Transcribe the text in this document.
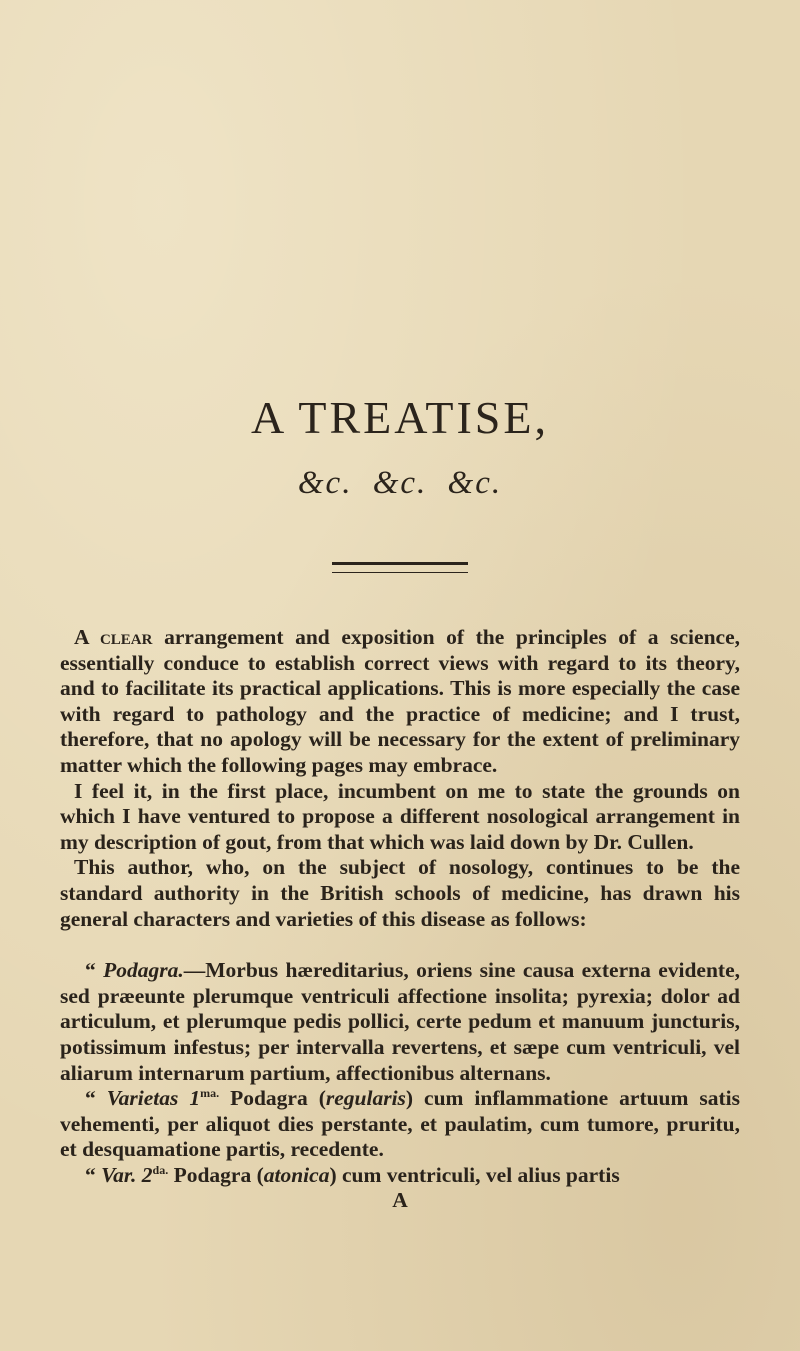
A TREATISE,
&c. &c. &c.

A clear arrangement and exposition of the principles of a science, essentially conduce to establish correct views with regard to its theory, and to facilitate its practical applications. This is more especially the case with regard to pathology and the practice of medicine; and I trust, therefore, that no apology will be necessary for the extent of preliminary matter which the following pages may embrace.

I feel it, in the first place, incumbent on me to state the grounds on which I have ventured to propose a different nosological arrangement in my description of gout, from that which was laid down by Dr. Cullen.

This author, who, on the subject of nosology, continues to be the standard authority in the British schools of medicine, has drawn his general characters and varieties of this disease as follows:

“ Podagra.—Morbus hæreditarius, oriens sine causa externa evidente, sed præeunte plerumque ventriculi affectione insolita; pyrexia; dolor ad articulum, et plerumque pedis pollici, certe pedum et manuum juncturis, potissimum infestus; per intervalla revertens, et sæpe cum ventriculi, vel aliarum internarum partium, affectionibus alternans.

“ Varietas $1^{ma.}$ Podagra (regularis) cum inflammatione artuum satis vehementi, per aliquot dies perstante, et paulatim, cum tumore, pruritu, et desquamatione partis, recedente.

“ Var. $2^{da.}$ Podagra (atonica) cum ventriculi, vel alius partis

A
